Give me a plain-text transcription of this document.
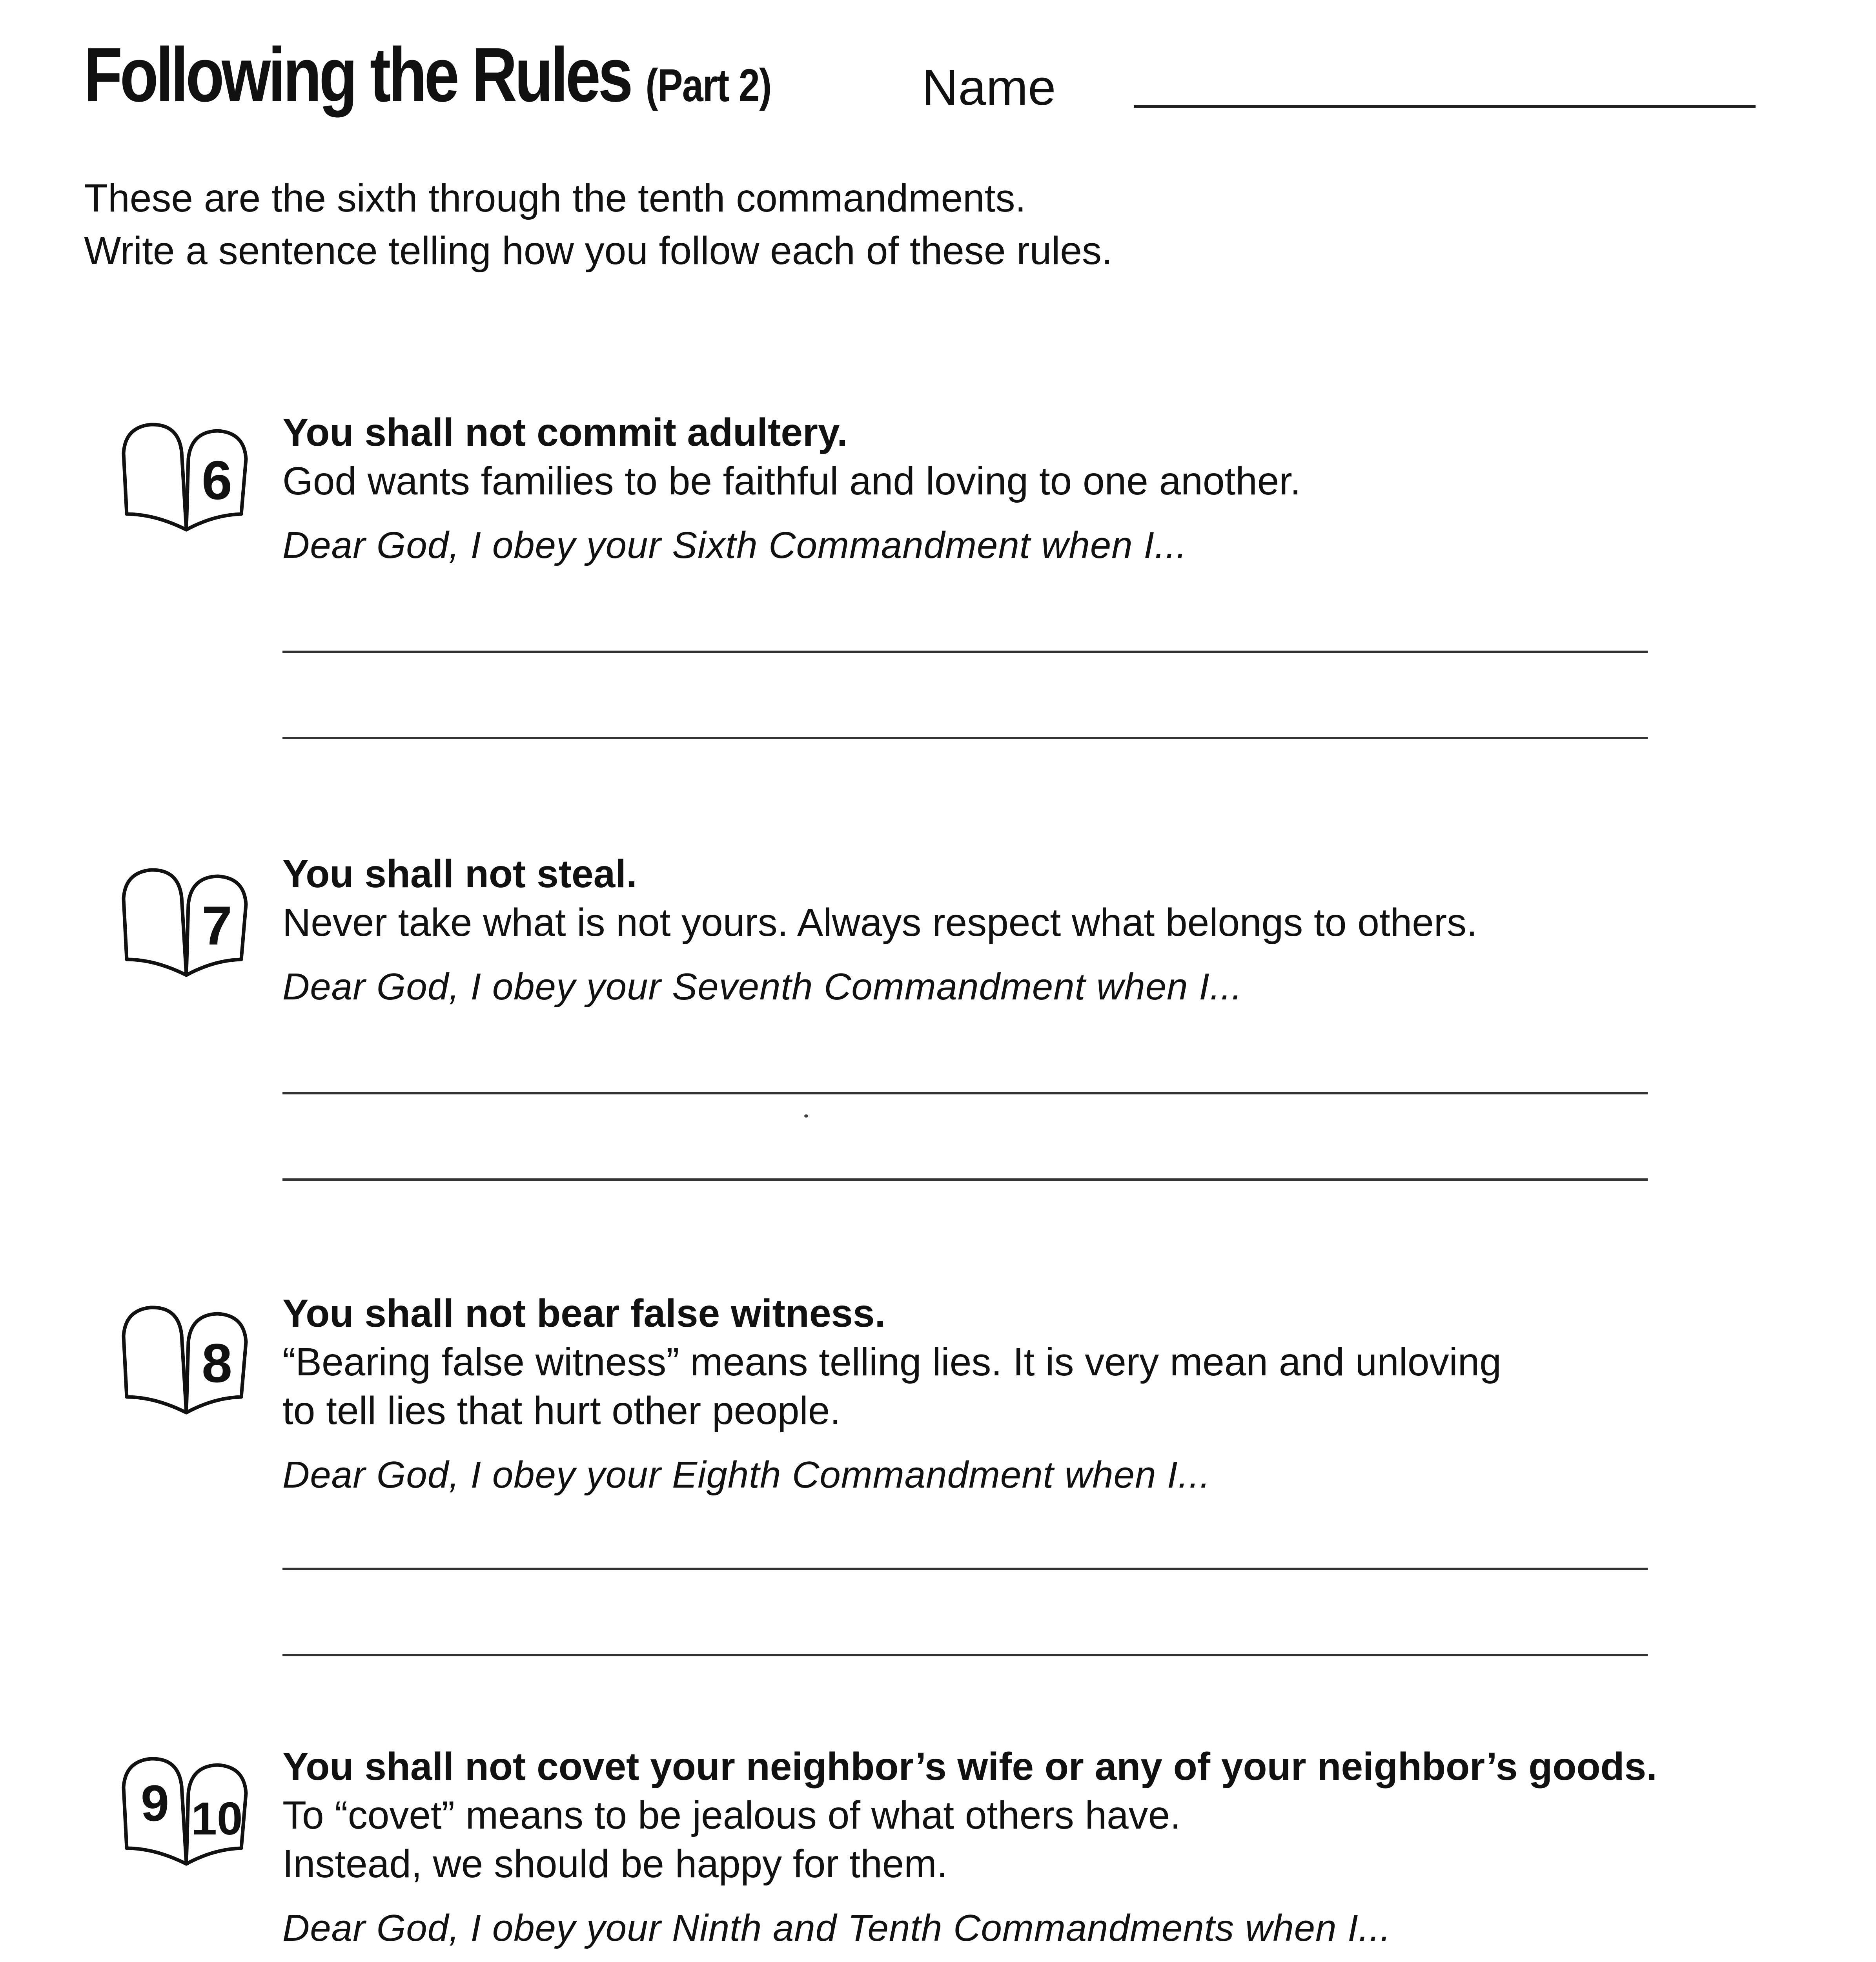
Following the Rules (Part 2)	Name
These are the sixth through the tenth commandments.
Write a sentence telling how you follow each of these rules.
6
You shall not commit adultery.
God wants families to be faithful and loving to one another.
Dear God, I obey your Sixth Commandment when I...
7
You shall not steal.
Never take what is not yours. Always respect what belongs to others.
Dear God, I obey your Seventh Commandment when I...
8
You shall not bear false witness.
“Bearing false witness” means telling lies. It is very mean and unloving
to tell lies that hurt other people.
Dear God, I obey your Eighth Commandment when I...
9 10
You shall not covet your neighbor’s wife or any of your neighbor’s goods.
To “covet” means to be jealous of what others have.
Instead, we should be happy for them.
Dear God, I obey your Ninth and Tenth Commandments when I...
